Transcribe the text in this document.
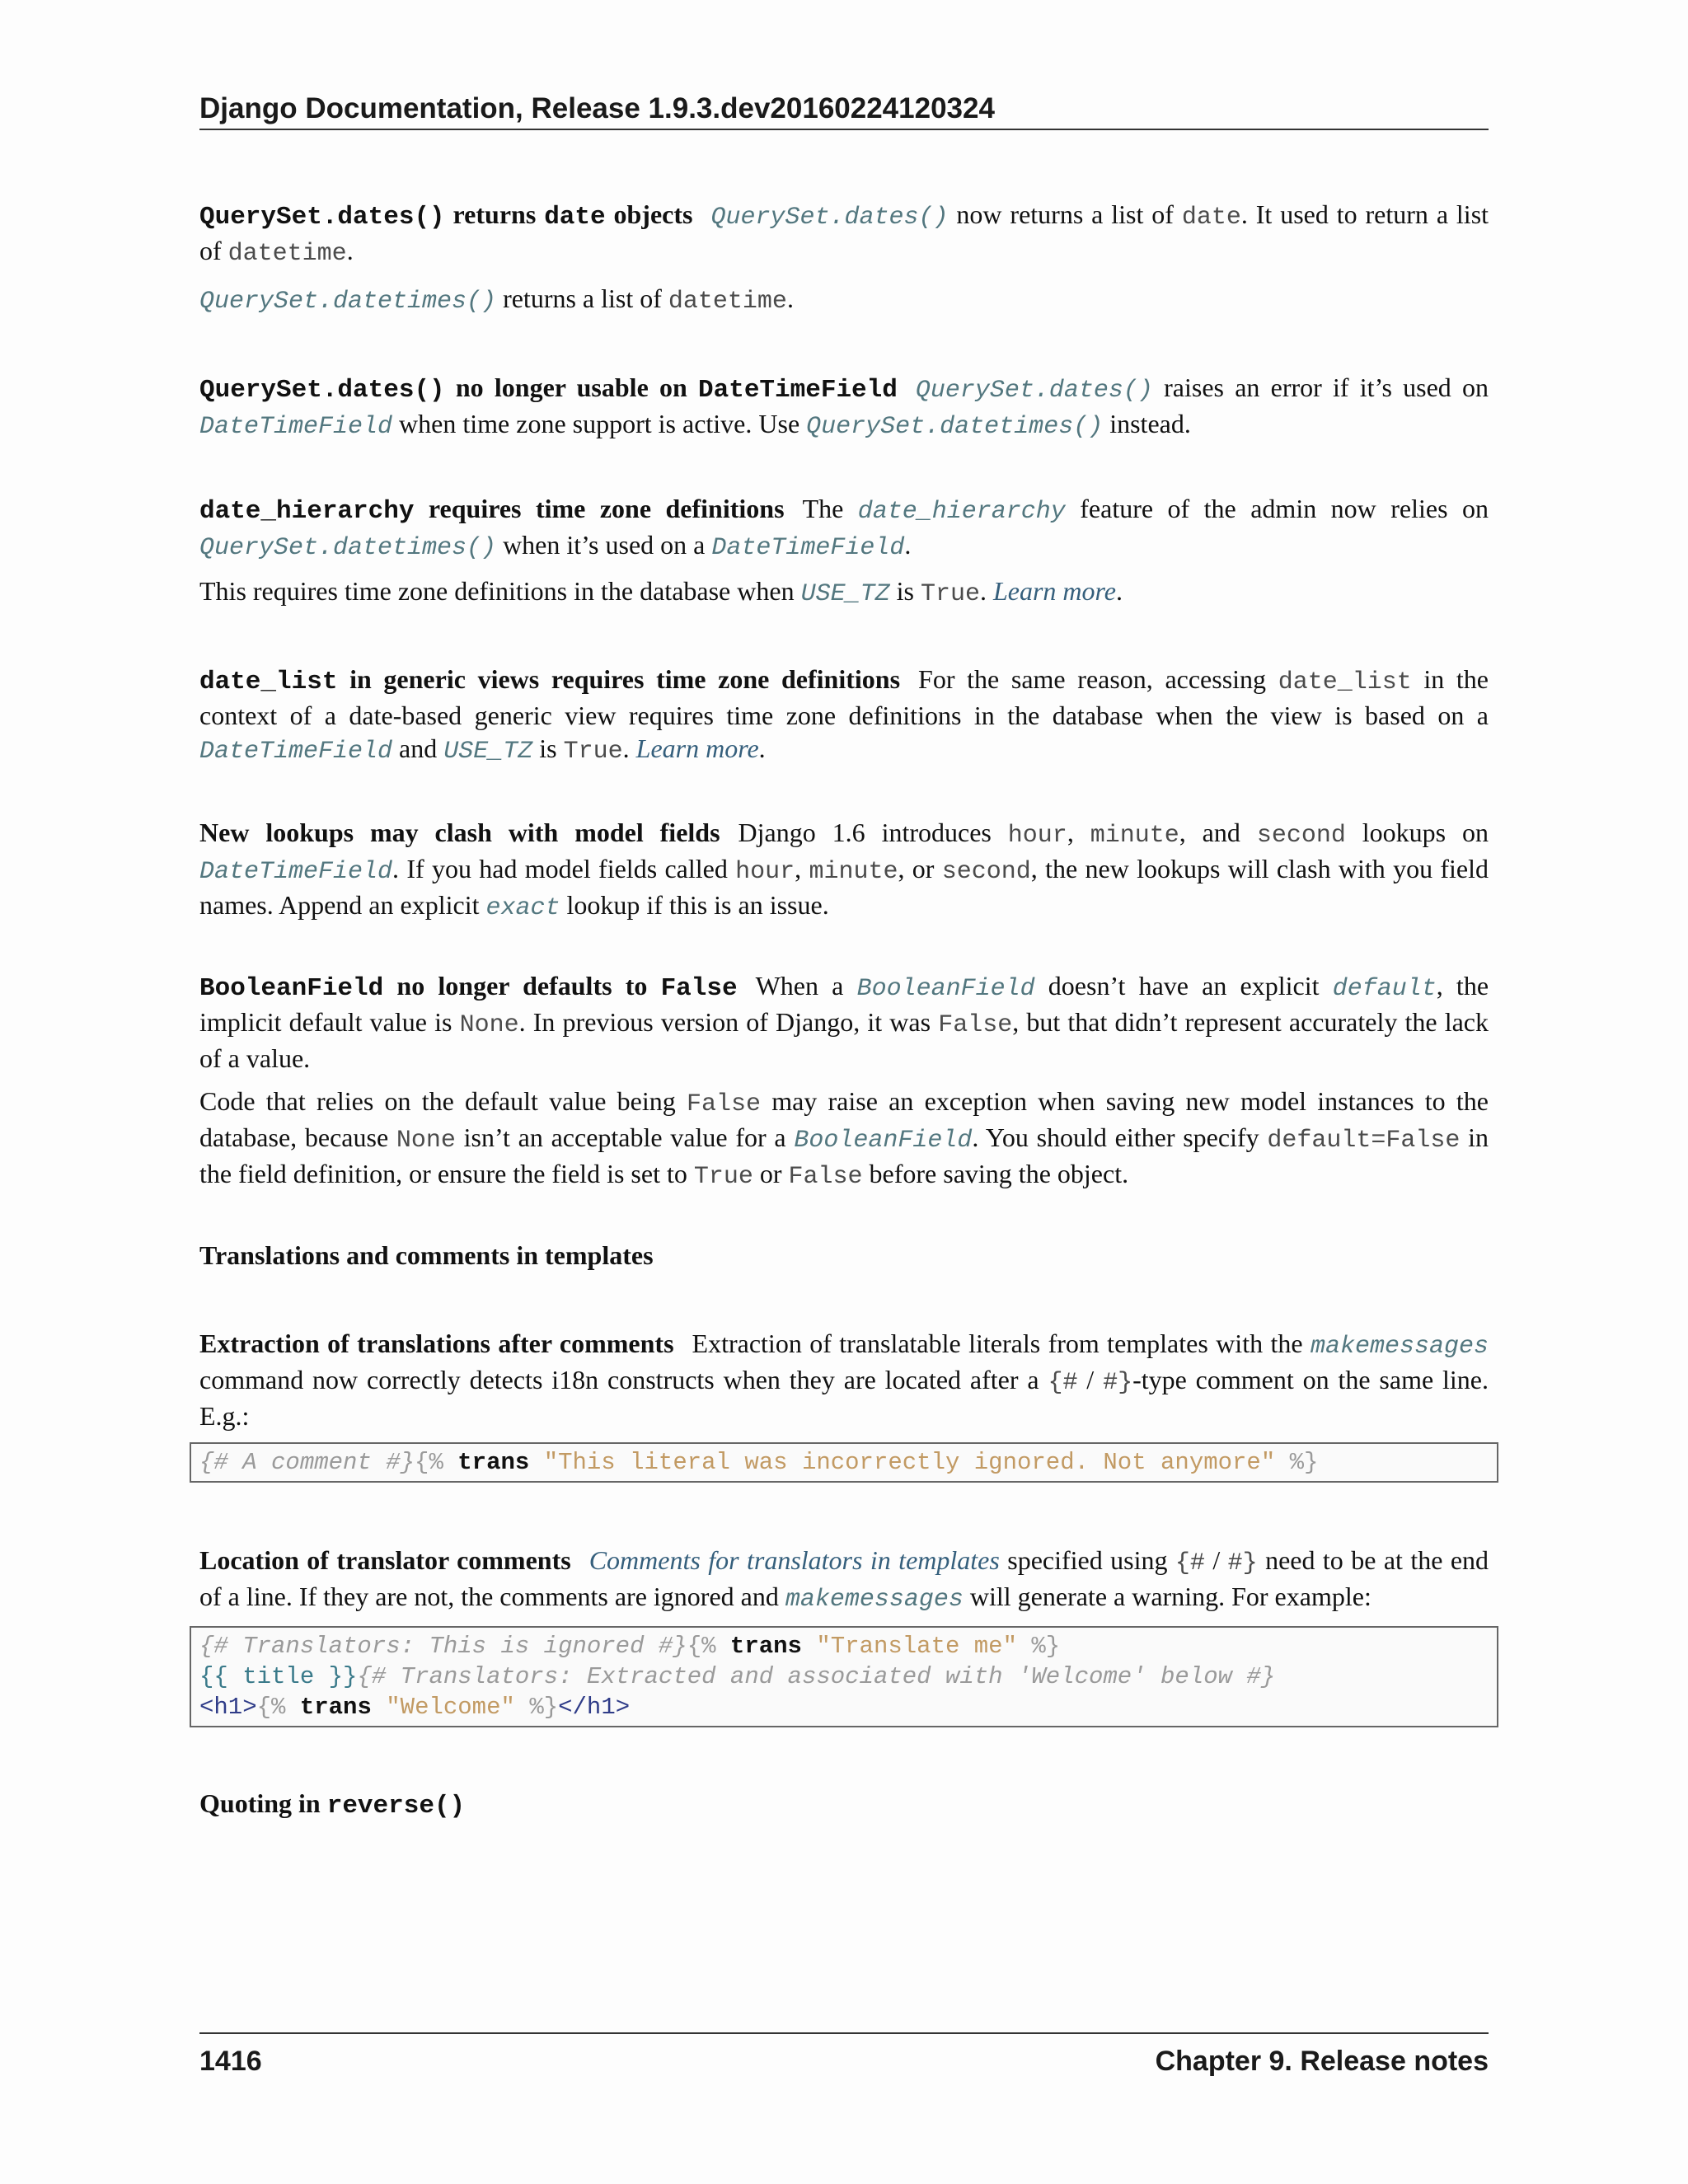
Django Documentation, Release 1.9.3.dev20160224120324

QuerySet.dates() returns date objects QuerySet.dates() now returns a list of date. It used to return a list of datetime.

QuerySet.datetimes() returns a list of datetime.

QuerySet.dates() no longer usable on DateTimeField QuerySet.dates() raises an error if it’s used on DateTimeField when time zone support is active. Use QuerySet.datetimes() instead.

date_hierarchy requires time zone definitions The date_hierarchy feature of the admin now relies on QuerySet.datetimes() when it’s used on a DateTimeField.

This requires time zone definitions in the database when USE_TZ is True. Learn more.

date_list in generic views requires time zone definitions For the same reason, accessing date_list in the context of a date-based generic view requires time zone definitions in the database when the view is based on a DateTimeField and USE_TZ is True. Learn more.

New lookups may clash with model fields Django 1.6 introduces hour, minute, and second lookups on DateTimeField. If you had model fields called hour, minute, or second, the new lookups will clash with you field names. Append an explicit exact lookup if this is an issue.

BooleanField no longer defaults to False When a BooleanField doesn’t have an explicit default, the implicit default value is None. In previous version of Django, it was False, but that didn’t represent accurately the lack of a value.

Code that relies on the default value being False may raise an exception when saving new model instances to the database, because None isn’t an acceptable value for a BooleanField. You should either specify default=False in the field definition, or ensure the field is set to True or False before saving the object.

Translations and comments in templates

Extraction of translations after comments Extraction of translatable literals from templates with the makemessages command now correctly detects i18n constructs when they are located after a {# / #}-type comment on the same line. E.g.:

{# A comment #}{% trans "This literal was incorrectly ignored. Not anymore" %}

Location of translator comments Comments for translators in templates specified using {# / #} need to be at the end of a line. If they are not, the comments are ignored and makemessages will generate a warning. For example:

{# Translators: This is ignored #}{% trans "Translate me" %}
{{ title }}{# Translators: Extracted and associated with 'Welcome' below #}
<h1>{% trans "Welcome" %}</h1>

Quoting in reverse()

1416	Chapter 9. Release notes
